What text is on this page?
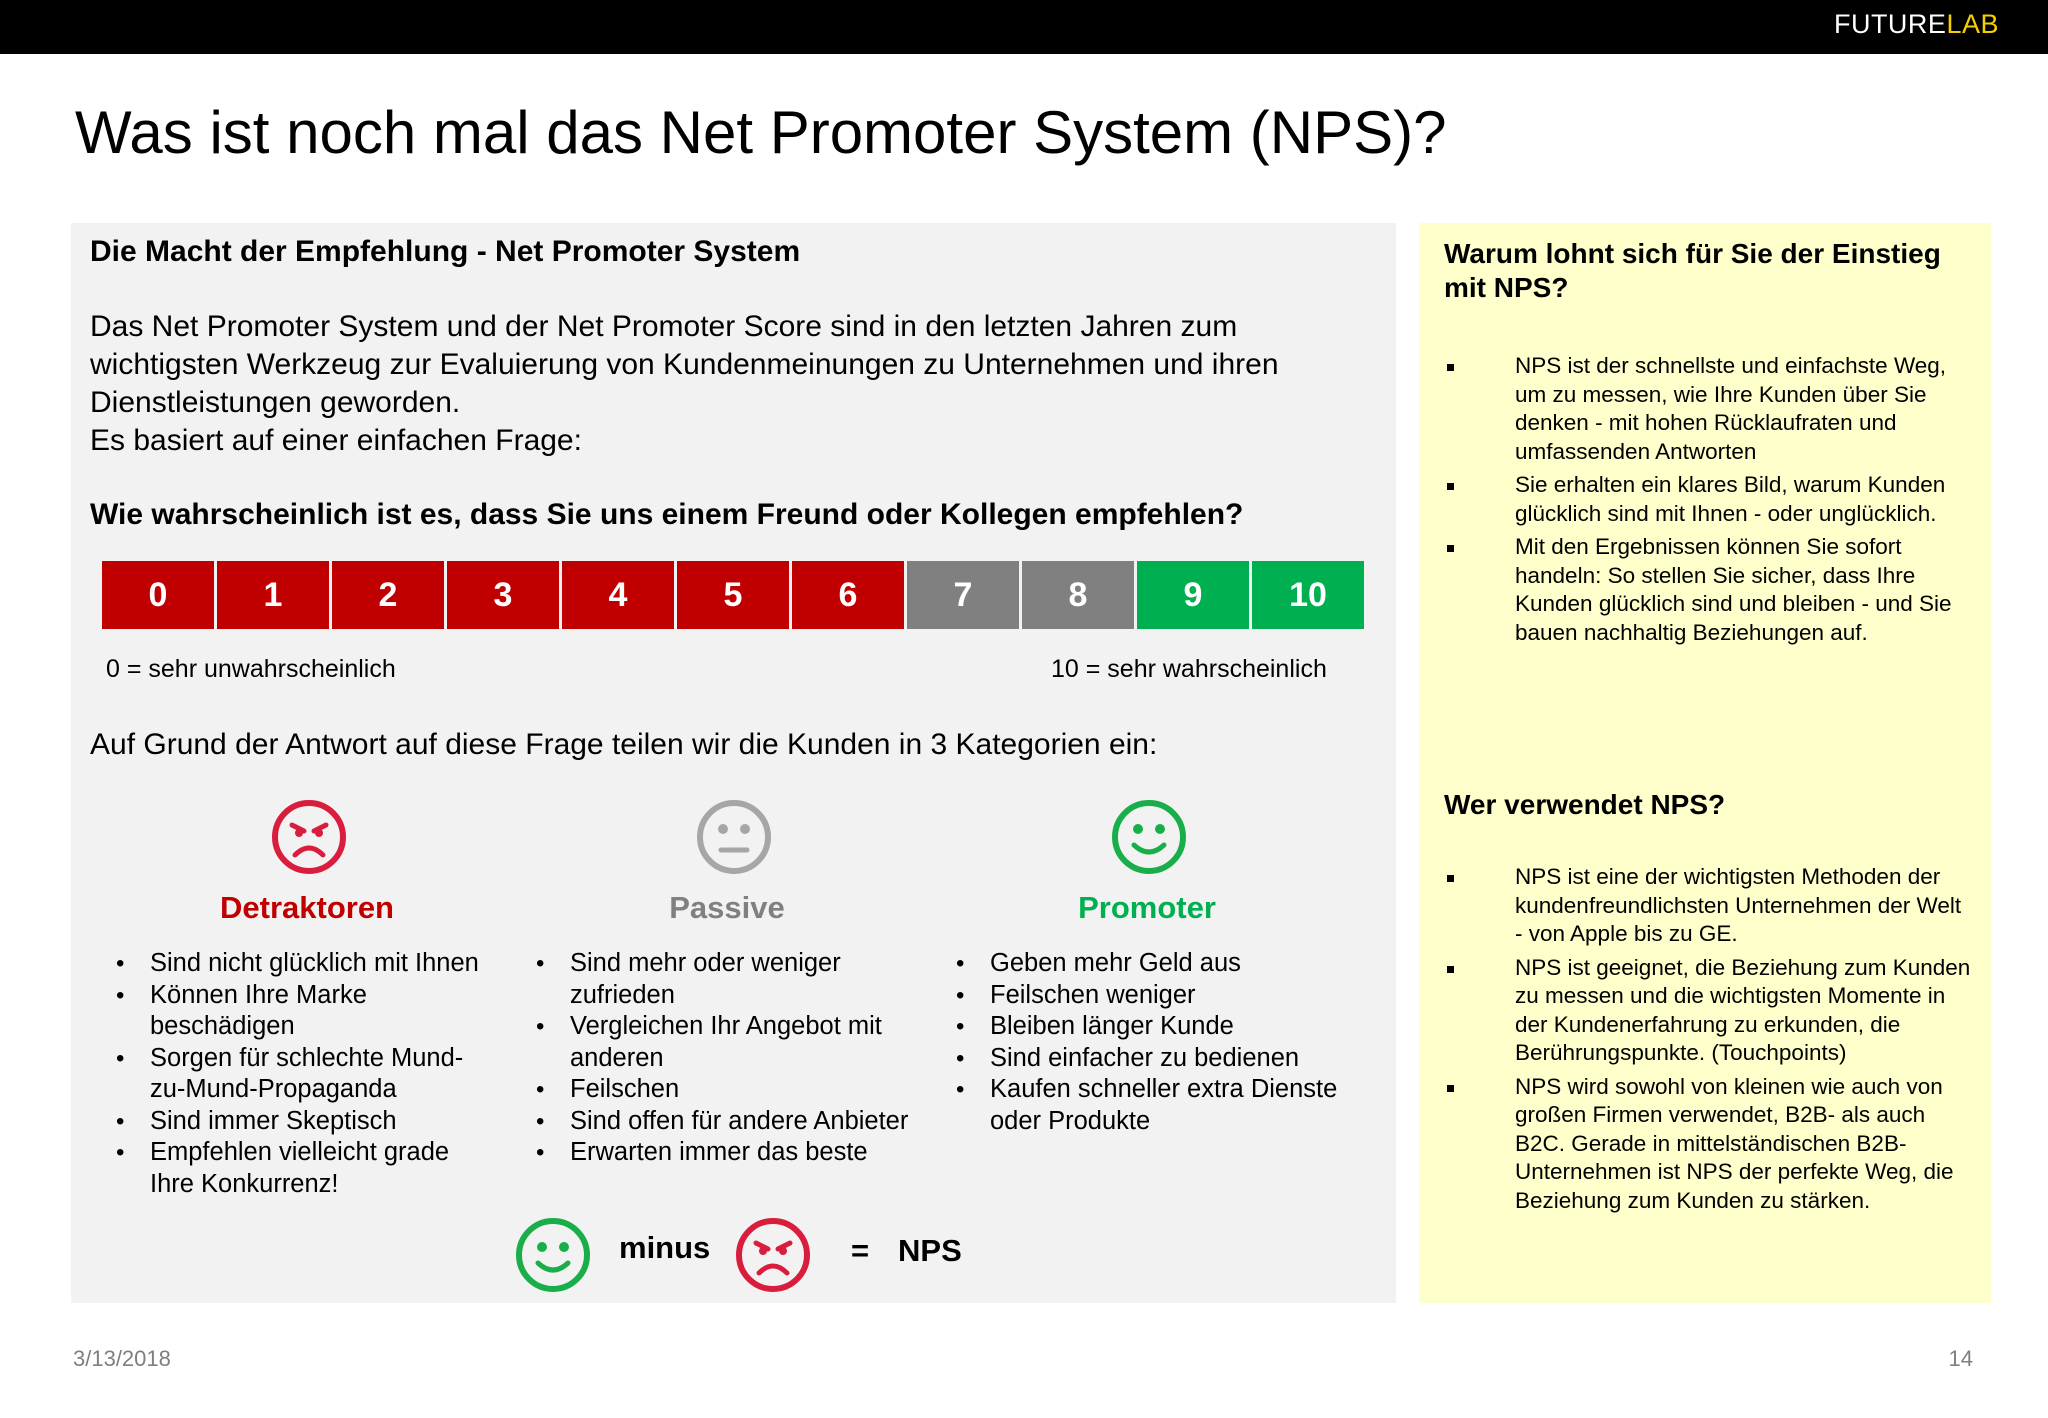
FUTURELAB
Was ist noch mal das Net Promoter System (NPS)?
Die Macht der Empfehlung - Net Promoter System
Das Net Promoter System und der Net Promoter Score sind in den letzten Jahren zum
wichtigsten Werkzeug zur Evaluierung von Kundenmeinungen zu Unternehmen und ihren
Dienstleistungen geworden.
Es basiert auf einer einfachen Frage:
Wie wahrscheinlich ist es, dass Sie uns einem Freund oder Kollegen empfehlen?
0	1	2	3	4	5	6	7	8	9	10
0 = sehr unwahrscheinlich	10 = sehr wahrscheinlich
Auf Grund der Antwort auf diese Frage teilen wir die Kunden in 3 Kategorien ein:
Detraktoren	Passive	Promoter
• Sind nicht glücklich mit Ihnen
• Können Ihre Marke beschädigen
• Sorgen für schlechte Mund-zu-Mund-Propaganda
• Sind immer Skeptisch
• Empfehlen vielleicht grade Ihre Konkurrenz!
• Sind mehr oder weniger zufrieden
• Vergleichen Ihr Angebot mit anderen
• Feilschen
• Sind offen für andere Anbieter
• Erwarten immer das beste
• Geben mehr Geld aus
• Feilschen weniger
• Bleiben länger Kunde
• Sind einfacher zu bedienen
• Kaufen schneller extra Dienste oder Produkte
minus	= NPS
Warum lohnt sich für Sie der Einstieg mit NPS?
NPS ist der schnellste und einfachste Weg, um zu messen, wie Ihre Kunden über Sie denken - mit hohen Rücklaufraten und umfassenden Antworten
Sie erhalten ein klares Bild, warum Kunden glücklich sind mit Ihnen - oder unglücklich.
Mit den Ergebnissen können Sie sofort handeln: So stellen Sie sicher, dass Ihre Kunden glücklich sind und bleiben - und Sie bauen nachhaltig Beziehungen auf.
Wer verwendet NPS?
NPS ist eine der wichtigsten Methoden der kundenfreundlichsten Unternehmen der Welt - von Apple bis zu GE.
NPS ist geeignet, die Beziehung zum Kunden zu messen und die wichtigsten Momente in der Kundenerfahrung zu erkunden, die Berührungspunkte. (Touchpoints)
NPS wird sowohl von kleinen wie auch von großen Firmen verwendet, B2B- als auch B2C. Gerade in mittelständischen B2B-Unternehmen ist NPS der perfekte Weg, die Beziehung zum Kunden zu stärken.
3/13/2018	14
